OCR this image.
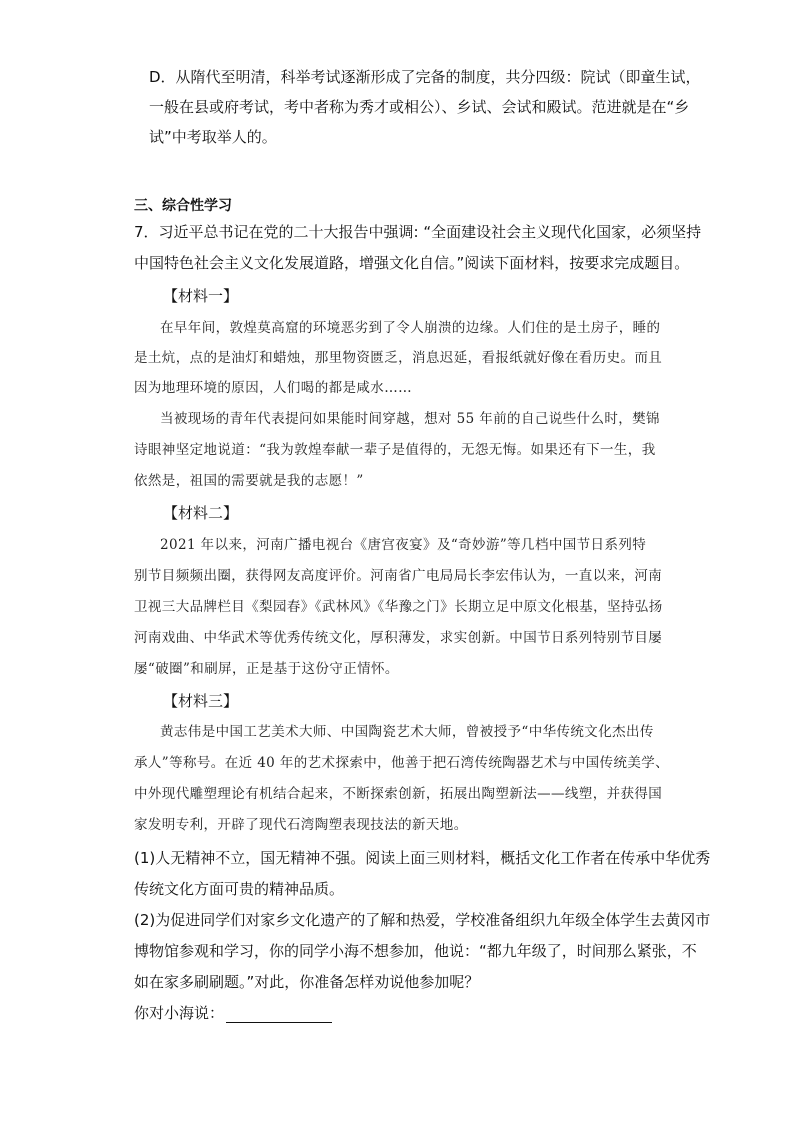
D．从隋代至明清，科举考试逐渐形成了完备的制度，共分四级：院试（即童生试，
一般在县或府考试，考中者称为秀才或相公）、乡试、会试和殿试。范进就是在“乡
试”中考取举人的。
三、综合性学习
7．习近平总书记在党的二十大报告中强调: “全面建设社会主义现代化国家，必须坚持
中国特色社会主义文化发展道路，增强文化自信。”阅读下面材料，按要求完成题目。
【材料一】
在早年间，敦煌莫高窟的环境恶劣到了令人崩溃的边缘。人们住的是土房子，睡的
是土炕，点的是油灯和蜡烛，那里物资匮乏，消息迟延，看报纸就好像在看历史。而且
因为地理环境的原因，人们喝的都是咸水……
当被现场的青年代表提问如果能时间穿越，想对 55 年前的自己说些什么时，樊锦
诗眼神坚定地说道：“我为敦煌奉献一辈子是值得的，无怨无悔。如果还有下一生，我
依然是，祖国的需要就是我的志愿！”
【材料二】
2021 年以来，河南广播电视台《唐宫夜宴》及“奇妙游”等几档中国节日系列特
别节目频频出圈，获得网友高度评价。河南省广电局局长李宏伟认为，一直以来，河南
卫视三大品牌栏目《梨园春》《武林风》《华豫之门》长期立足中原文化根基，坚持弘扬
河南戏曲、中华武术等优秀传统文化，厚积薄发，求实创新。中国节日系列特别节目屡
屡“破圈”和刷屏，正是基于这份守正情怀。
【材料三】
黄志伟是中国工艺美术大师、中国陶瓷艺术大师，曾被授予“中华传统文化杰出传
承人”等称号。在近 40 年的艺术探索中，他善于把石湾传统陶器艺术与中国传统美学、
中外现代雕塑理论有机结合起来，不断探索创新，拓展出陶塑新法——线塑，并获得国
家发明专利，开辟了现代石湾陶塑表现技法的新天地。
(1)人无精神不立，国无精神不强。阅读上面三则材料，概括文化工作者在传承中华优秀
传统文化方面可贵的精神品质。
(2)为促进同学们对家乡文化遗产的了解和热爱，学校准备组织九年级全体学生去黄冈市
博物馆参观和学习，你的同学小海不想参加，他说：“都九年级了，时间那么紧张，不
如在家多刷刷题。”对此，你准备怎样劝说他参加呢？
你对小海说：
